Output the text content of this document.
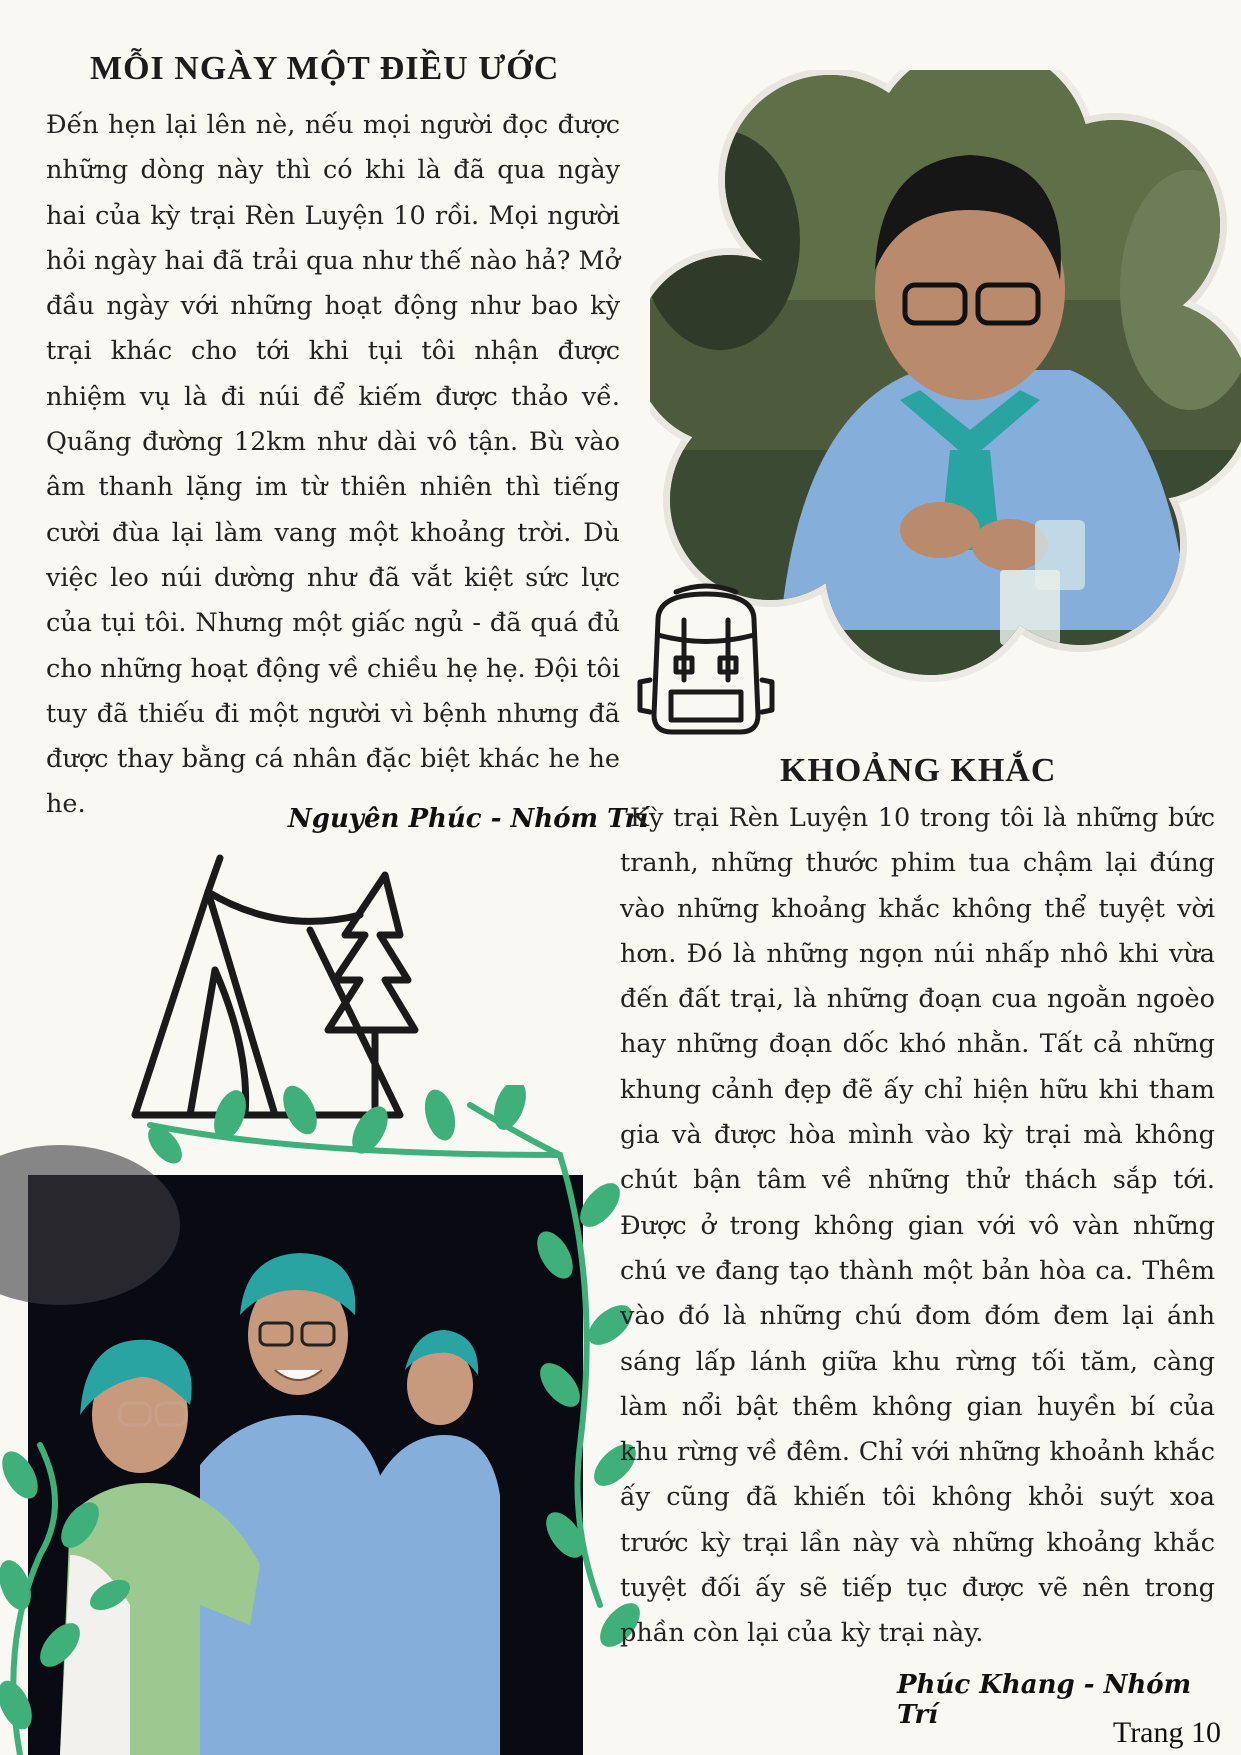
MỖI NGÀY MỘT ĐIỀU ƯỚC

Đến hẹn lại lên nè, nếu mọi người đọc được những dòng này thì có khi là đã qua ngày hai của kỳ trại Rèn Luyện 10 rồi. Mọi người hỏi ngày hai đã trải qua như thế nào hả? Mở đầu ngày với những hoạt động như bao kỳ trại khác cho tới khi tụi tôi nhận được nhiệm vụ là đi núi để kiếm được thảo về. Quãng đường 12km như dài vô tận. Bù vào âm thanh lặng im từ thiên nhiên thì tiếng cười đùa lại làm vang một khoảng trời. Dù việc leo núi dường như đã vắt kiệt sức lực của tụi tôi. Nhưng một giấc ngủ - đã quá đủ cho những hoạt động về chiều hẹ hẹ. Đội tôi tuy đã thiếu đi một người vì bệnh nhưng đã được thay bằng cá nhân đặc biệt khác he he he.	Nguyên Phúc - Nhóm Trí

KHOẢNG KHẮC

Kỳ trại Rèn Luyện 10 trong tôi là những bức tranh, những thước phim tua chậm lại đúng vào những khoảng khắc không thể tuyệt vời hơn. Đó là những ngọn núi nhấp nhô khi vừa đến đất trại, là những đoạn cua ngoằn ngoèo hay những đoạn dốc khó nhằn. Tất cả những khung cảnh đẹp đẽ ấy chỉ hiện hữu khi tham gia và được hòa mình vào kỳ trại mà không chút bận tâm về những thử thách sắp tới. Được ở trong không gian với vô vàn những chú ve đang tạo thành một bản hòa ca. Thêm vào đó là những chú đom đóm đem lại ánh sáng lấp lánh giữa khu rừng tối tăm, càng làm nổi bật thêm không gian huyền bí của khu rừng về đêm. Chỉ với những khoảnh khắc ấy cũng đã khiến tôi không khỏi suýt xoa trước kỳ trại lần này và những khoảng khắc tuyệt đối ấy sẽ tiếp tục được vẽ nên trong phần còn lại của kỳ trại này.

Phúc Khang - Nhóm Trí

Trang 10
